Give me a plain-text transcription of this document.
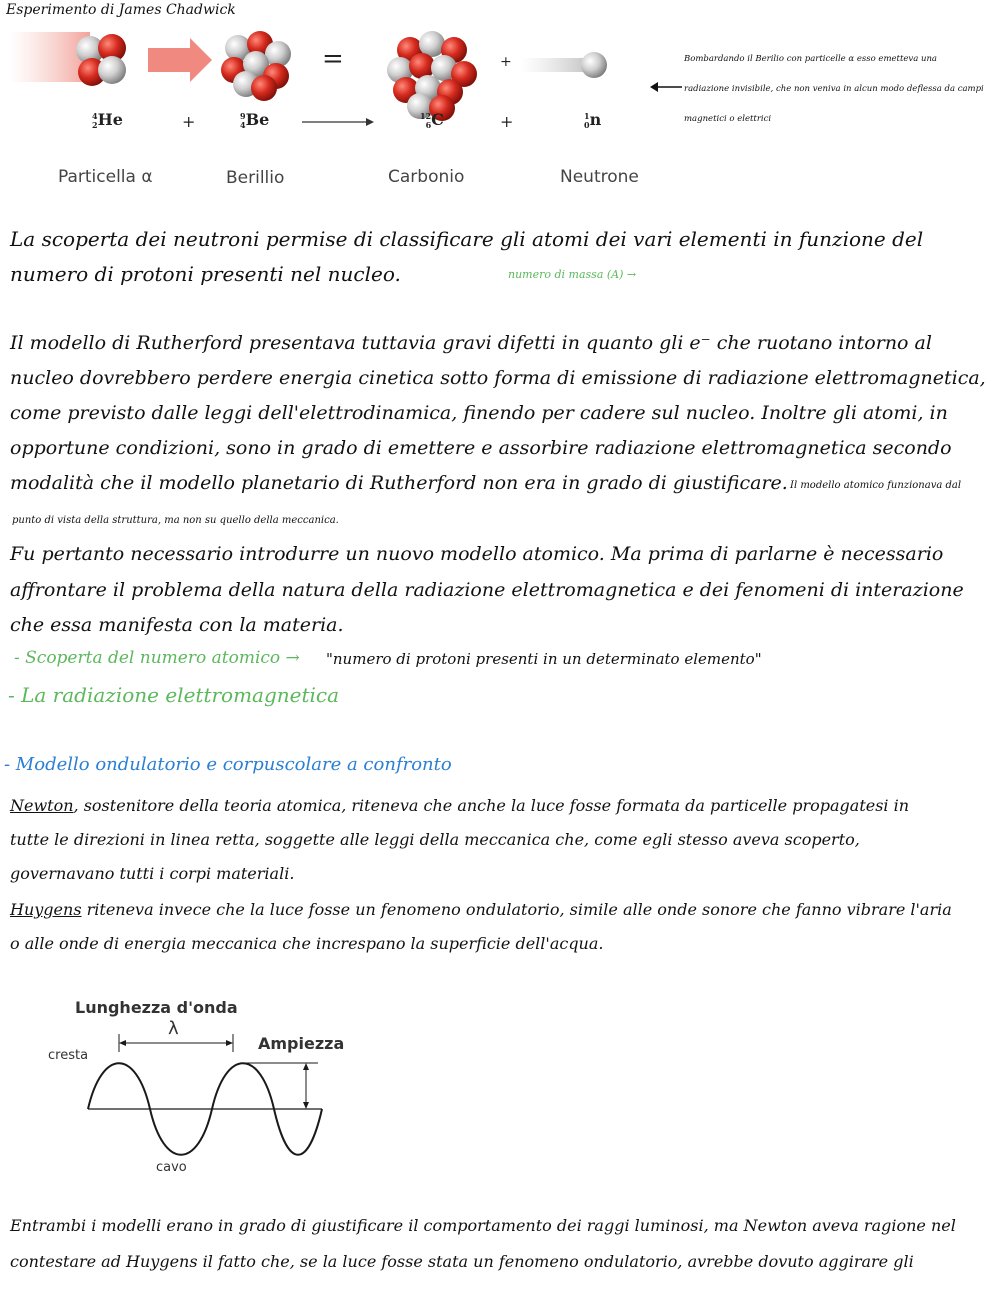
Esperimento di James Chadwick
=	+
4
2He	+	9
4Be	12
6C	+	1
0n
Particella α	Berillio	Carbonio	Neutrone
Bombardando il Berilio con particelle α esso emetteva una radiazione invisibile, che non veniva in alcun modo deflessa da campi magnetici o elettrici
La scoperta dei neutroni permise di classificare gli atomi dei vari elementi in funzione del
numero di protoni presenti nel nucleo.	numero di massa (A) →
Il modello di Rutherford presentava tuttavia gravi difetti in quanto gli e⁻ che ruotano intorno al
nucleo dovrebbero perdere energia cinetica sotto forma di emissione di radiazione elettromagnetica,
come previsto dalle leggi dell'elettrodinamica, finendo per cadere sul nucleo. Inoltre gli atomi, in
opportune condizioni, sono in grado di emettere e assorbire radiazione elettromagnetica secondo
modalità che il modello planetario di Rutherford non era in grado di giustificare. Il modello atomico funzionava dal
punto di vista della struttura, ma non su quello della meccanica.
Fu pertanto necessario introdurre un nuovo modello atomico. Ma prima di parlarne è necessario
affrontare il problema della natura della radiazione elettromagnetica e dei fenomeni di interazione
che essa manifesta con la materia.
- Scoperta del numero atomico → "numero di protoni presenti in un determinato elemento"
- La radiazione elettromagnetica
- Modello ondulatorio e corpuscolare a confronto
Newton, sostenitore della teoria atomica, riteneva che anche la luce fosse formata da particelle propagatesi in
tutte le direzioni in linea retta, soggette alle leggi della meccanica che, come egli stesso aveva scoperto,
governavano tutti i corpi materiali.
Huygens riteneva invece che la luce fosse un fenomeno ondulatorio, simile alle onde sonore che fanno vibrare l'aria
o alle onde di energia meccanica che increspano la superficie dell'acqua.
Lunghezza d'onda
λ
Ampiezza
cresta
cavo
Entrambi i modelli erano in grado di giustificare il comportamento dei raggi luminosi, ma Newton aveva ragione nel
contestare ad Huygens il fatto che, se la luce fosse stata un fenomeno ondulatorio, avrebbe dovuto aggirare gli
